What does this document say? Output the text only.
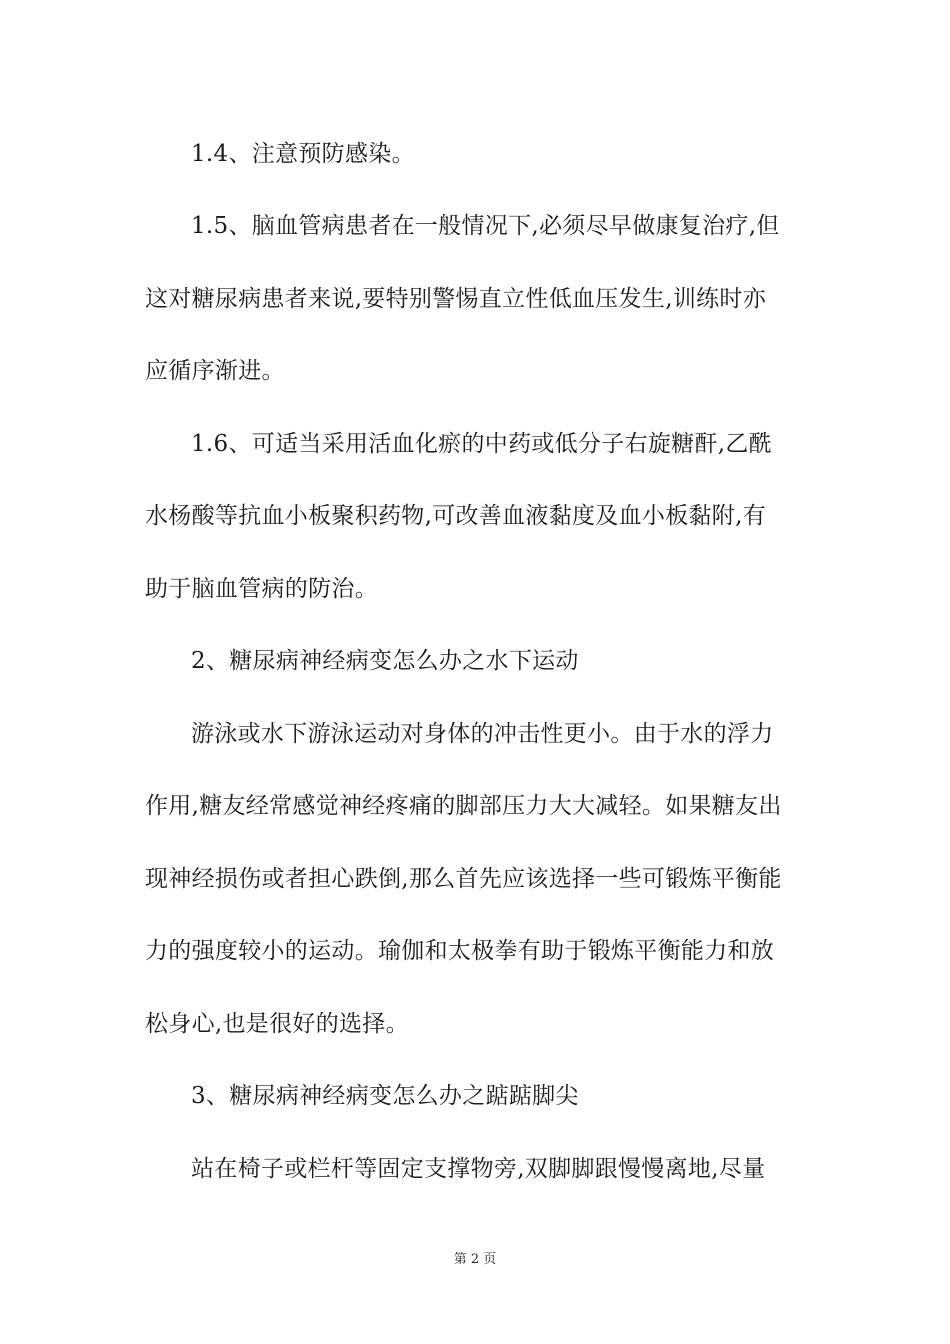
1.4、注意预防感染。
1.5、脑血管病患者在一般情况下,必须尽早做康复治疗,但
这对糖尿病患者来说,要特别警惕直立性低血压发生,训练时亦
应循序渐进。
1.6、可适当采用活血化瘀的中药或低分子右旋糖酐,乙酰
水杨酸等抗血小板聚积药物,可改善血液黏度及血小板黏附,有
助于脑血管病的防治。
2、糖尿病神经病变怎么办之水下运动
游泳或水下游泳运动对身体的冲击性更小。由于水的浮力
作用,糖友经常感觉神经疼痛的脚部压力大大减轻。如果糖友出
现神经损伤或者担心跌倒,那么首先应该选择一些可锻炼平衡能
力的强度较小的运动。瑜伽和太极拳有助于锻炼平衡能力和放
松身心,也是很好的选择。
3、糖尿病神经病变怎么办之踮踮脚尖
站在椅子或栏杆等固定支撑物旁,双脚脚跟慢慢离地,尽量
第 2 页
